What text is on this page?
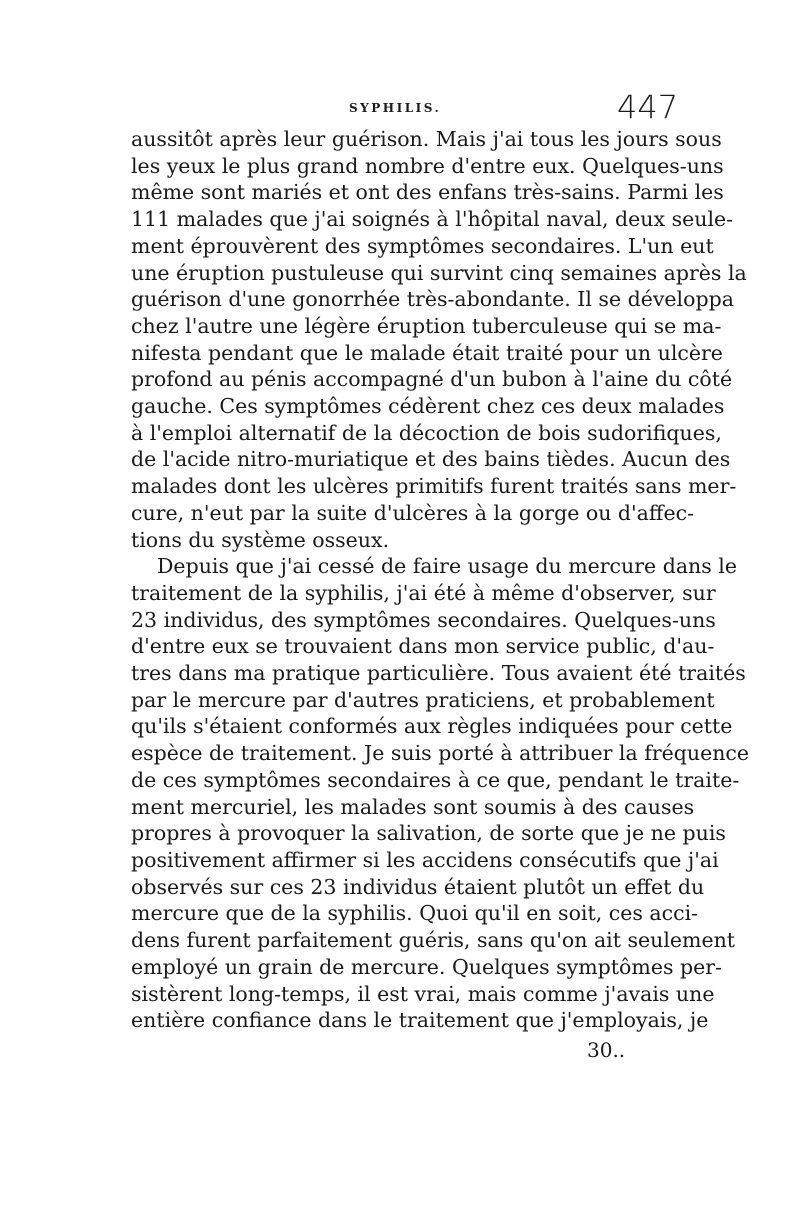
SYPHILIS.	447
aussitôt après leur guérison. Mais j'ai tous les jours sous
les yeux le plus grand nombre d'entre eux. Quelques-uns
même sont mariés et ont des enfans très-sains. Parmi les
111 malades que j'ai soignés à l'hôpital naval, deux seule-
ment éprouvèrent des symptômes secondaires. L'un eut
une éruption pustuleuse qui survint cinq semaines après la
guérison d'une gonorrhée très-abondante. Il se développa
chez l'autre une légère éruption tuberculeuse qui se ma-
nifesta pendant que le malade était traité pour un ulcère
profond au pénis accompagné d'un bubon à l'aine du côté
gauche. Ces symptômes cédèrent chez ces deux malades
à l'emploi alternatif de la décoction de bois sudorifiques,
de l'acide nitro-muriatique et des bains tièdes. Aucun des
malades dont les ulcères primitifs furent traités sans mer-
cure, n'eut par la suite d'ulcères à la gorge ou d'affec-
tions du système osseux.
Depuis que j'ai cessé de faire usage du mercure dans le
traitement de la syphilis, j'ai été à même d'observer, sur
23 individus, des symptômes secondaires. Quelques-uns
d'entre eux se trouvaient dans mon service public, d'au-
tres dans ma pratique particulière. Tous avaient été traités
par le mercure par d'autres praticiens, et probablement
qu'ils s'étaient conformés aux règles indiquées pour cette
espèce de traitement. Je suis porté à attribuer la fréquence
de ces symptômes secondaires à ce que, pendant le traite-
ment mercuriel, les malades sont soumis à des causes
propres à provoquer la salivation, de sorte que je ne puis
positivement affirmer si les accidens consécutifs que j'ai
observés sur ces 23 individus étaient plutôt un effet du
mercure que de la syphilis. Quoi qu'il en soit, ces acci-
dens furent parfaitement guéris, sans qu'on ait seulement
employé un grain de mercure. Quelques symptômes per-
sistèrent long-temps, il est vrai, mais comme j'avais une
entière confiance dans le traitement que j'employais, je
30..
